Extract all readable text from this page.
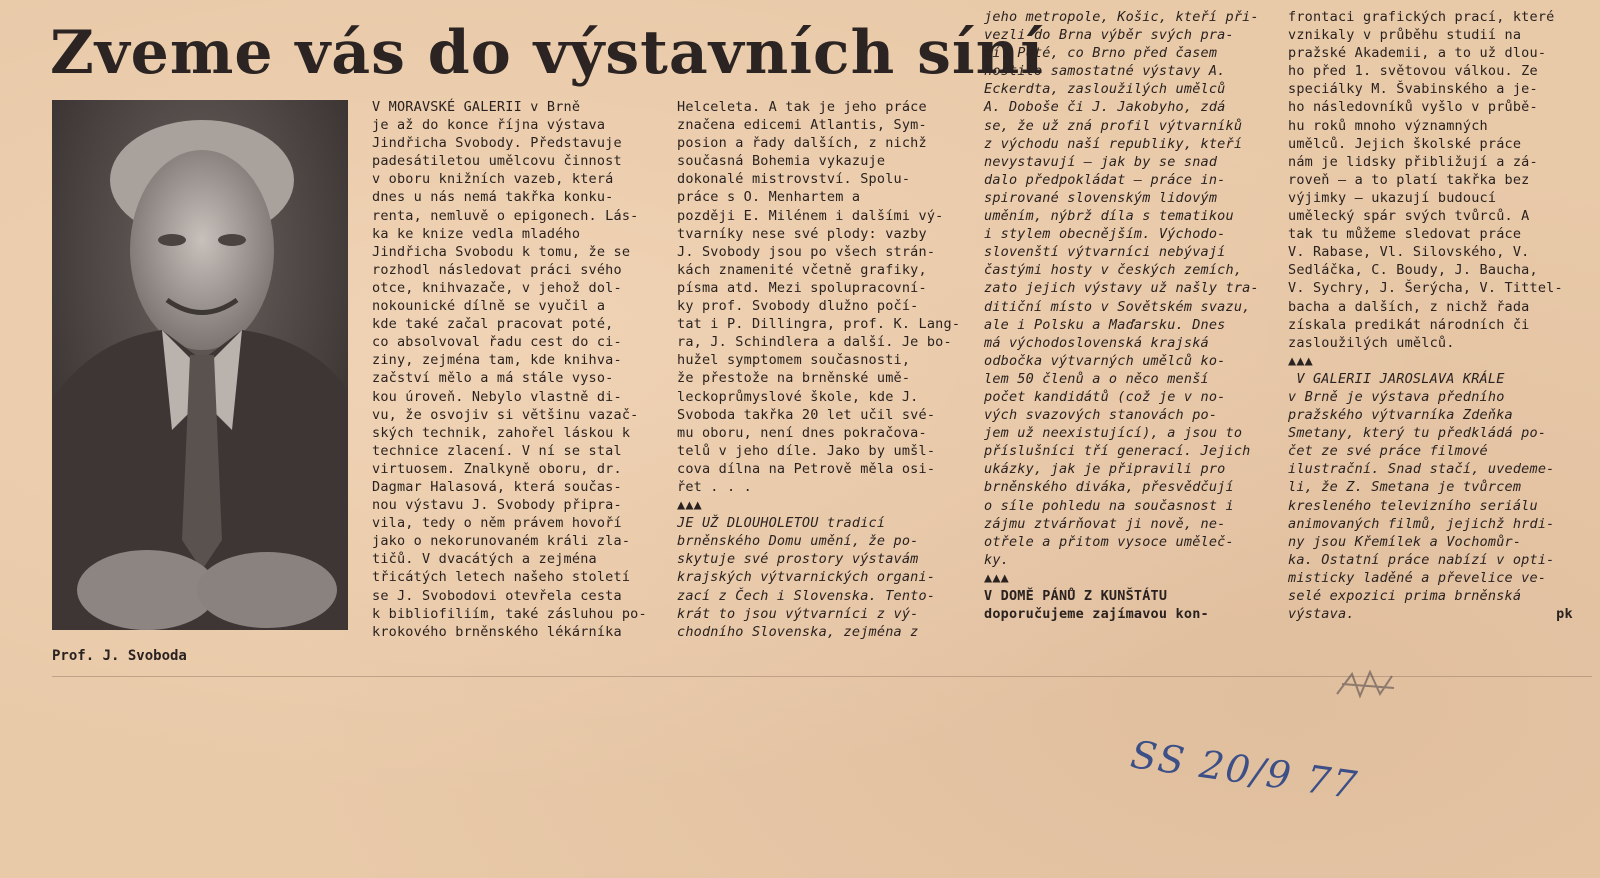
Zveme vás do výstavních síní

Prof. J. Svoboda

V MORAVSKÉ GALERII v Brně
je až do konce října výstava
Jindřicha Svobody. Představuje
padesátiletou umělcovu činnost
v oboru knižních vazeb, která
dnes u nás nemá takřka konku-
renta, nemluvě o epigonech. Lás-
ka ke knize vedla mladého
Jindřicha Svobodu k tomu, že se
rozhodl následovat práci svého
otce, knihvazače, v jehož dol-
nokounické dílně se vyučil a
kde také začal pracovat poté,
co absolvoval řadu cest do ci-
ziny, zejména tam, kde knihva-
začství mělo a má stále vyso-
kou úroveň. Nebylo vlastně di-
vu, že osvojiv si většinu vazač-
ských technik, zahořel láskou k
technice zlacení. V ní se stal
virtuosem. Znalkyně oboru, dr.
Dagmar Halasová, která součas-
nou výstavu J. Svobody připra-
vila, tedy o něm právem hovoří
jako o nekorunovaném králi zla-
tičů. V dvacátých a zejména
třicátých letech našeho století
se J. Svobodovi otevřela cesta
k bibliofiliím, také zásluhou po-
krokového brněnského lékárníka
Helceleta. A tak je jeho práce
značena edicemi Atlantis, Sym-
posion a řady dalších, z nichž
současná Bohemia vykazuje
dokonalé mistrovství. Spolu-
práce s O. Menhartem a
později E. Milénem i dalšími vý-
tvarníky nese své plody: vazby
J. Svobody jsou po všech strán-
kách znamenité včetně grafiky,
písma atd. Mezi spolupracovní-
ky prof. Svobody dlužno počí-
tat i P. Dillingra, prof. K. Lang-
ra, J. Schindlera a další. Je bo-
hužel symptomem současnosti,
že přestože na brněnské umě-
leckoprůmyslové škole, kde J.
Svoboda takřka 20 let učil své-
mu oboru, není dnes pokračova-
telů v jeho díle. Jako by umšl-
cova dílna na Petrově měla osi-
řet . . .
▲▲▲
JE UŽ DLOUHOLETOU tradicí
brněnského Domu umění, že po-
skytuje své prostory výstavám
krajských výtvarnických organi-
zací z Čech i Slovenska. Tento-
krát to jsou výtvarníci z vý-
chodního Slovenska, zejména z
jeho metropole, Košic, kteří při-
vezli do Brna výběr svých pra-
cí. Poté, co Brno před časem
hostilo samostatné výstavy A.
Eckerdta, zasloužilých umělců
A. Doboše či J. Jakobyho, zdá
se, že už zná profil výtvarníků
z východu naší republiky, kteří
nevystavují — jak by se snad
dalo předpokládat — práce in-
spirované slovenským lidovým
uměním, nýbrž díla s tematikou
i stylem obecnějším. Východo-
slovenští výtvarníci nebývají
častými hosty v českých zemích,
zato jejich výstavy už našly tra-
ditiční místo v Sovětském svazu,
ale i Polsku a Maďarsku. Dnes
má východoslovenská krajská
odbočka výtvarných umělců ko-
lem 50 členů a o něco menší
počet kandidátů (což je v no-
vých svazových stanovách po-
jem už neexistující), a jsou to
příslušníci tří generací. Jejich
ukázky, jak je připravili pro
brněnského diváka, přesvědčují
o síle pohledu na současnost i
zájmu ztvárňovat ji nově, ne-
otřele a přitom vysoce uměleč-
ky.
▲▲▲
V DOMĚ PÁNŮ Z KUNŠTÁTU
doporučujeme zajímavou kon-
frontaci grafických prací, které
vznikaly v průběhu studií na
pražské Akademii, a to už dlou-
ho před 1. světovou válkou. Ze
speciálky M. Švabinského a je-
ho následovníků vyšlo v průbě-
hu roků mnoho významných
umělců. Jejich školské práce
nám je lidsky přibližují a zá-
roveň — a to platí takřka bez
výjimky — ukazují budoucí
umělecký spár svých tvůrců. A
tak tu můžeme sledovat práce
V. Rabase, Vl. Silovského, V.
Sedláčka, C. Boudy, J. Baucha,
V. Sychry, J. Šerýcha, V. Tittel-
bacha a dalších, z nichž řada
získala predikát národních či
zasloužilých umělců.
▲▲▲
V GALERII JAROSLAVA KRÁLE
v Brně je výstava předního
pražského výtvarníka Zdeňka
Smetany, který tu předkládá po-
čet ze své práce filmové
ilustrační. Snad stačí, uvedeme-
li, že Z. Smetana je tvůrcem
kresleného televizního seriálu
animovaných filmů, jejichž hrdi-
ny jsou Křemílek a Vochomůr-
ka. Ostatní práce nabízí v opti-
misticky laděné a převelice ve-
selé expozici prima brněnská
výstava.	pk
SS 20/9 77
